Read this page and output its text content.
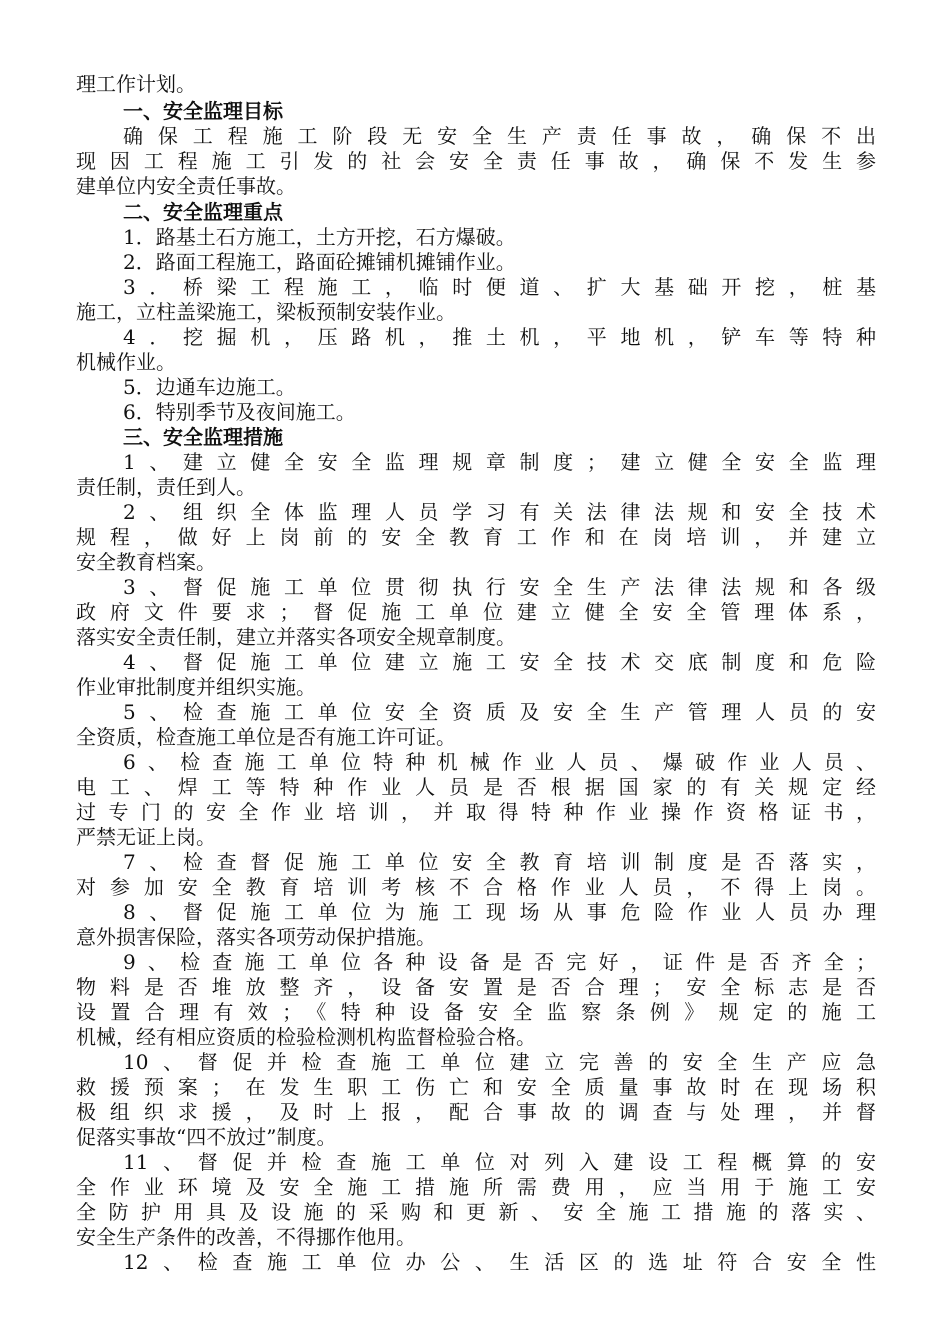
理工作计划。
一、安全监理目标
确保工程施工阶段无安全生产责任事故，确保不出
现因工程施工引发的社会安全责任事故，确保不发生参
建单位内安全责任事故。
二、安全监理重点
1．路基土石方施工，土方开挖，石方爆破。
2．路面工程施工，路面砼摊铺机摊铺作业。
3．桥梁工程施工，临时便道、扩大基础开挖，桩基
施工，立柱盖梁施工，梁板预制安装作业。
4．挖掘机，压路机，推土机，平地机，铲车等特种
机械作业。
5．边通车边施工。
6．特别季节及夜间施工。
三、安全监理措施
1、建立健全安全监理规章制度；建立健全安全监理
责任制，责任到人。
2、组织全体监理人员学习有关法律法规和安全技术
规程，做好上岗前的安全教育工作和在岗培训，并建立
安全教育档案。
3、督促施工单位贯彻执行安全生产法律法规和各级
政府文件要求；督促施工单位建立健全安全管理体系，
落实安全责任制，建立并落实各项安全规章制度。
4、督促施工单位建立施工安全技术交底制度和危险
作业审批制度并组织实施。
5、检查施工单位安全资质及安全生产管理人员的安
全资质，检查施工单位是否有施工许可证。
6、检查施工单位特种机械作业人员、爆破作业人员、
电工、焊工等特种作业人员是否根据国家的有关规定经
过专门的安全作业培训，并取得特种作业操作资格证书，
严禁无证上岗。
7、检查督促施工单位安全教育培训制度是否落实，
对参加安全教育培训考核不合格作业人员，不得上岗。
8、督促施工单位为施工现场从事危险作业人员办理
意外损害保险，落实各项劳动保护措施。
9、检查施工单位各种设备是否完好，证件是否齐全；
物料是否堆放整齐，设备安置是否合理；安全标志是否
设置合理有效；《特种设备安全监察条例》规定的施工
机械，经有相应资质的检验检测机构监督检验合格。
10、督促并检查施工单位建立完善的安全生产应急
救援预案；在发生职工伤亡和安全质量事故时在现场积
极组织求援，及时上报，配合事故的调查与处理，并督
促落实事故“四不放过”制度。
11、督促并检查施工单位对列入建设工程概算的安
全作业环境及安全施工措施所需费用，应当用于施工安
全防护用具及设施的采购和更新、安全施工措施的落实、
安全生产条件的改善，不得挪作他用。
12、检查施工单位办公、生活区的选址符合安全性
